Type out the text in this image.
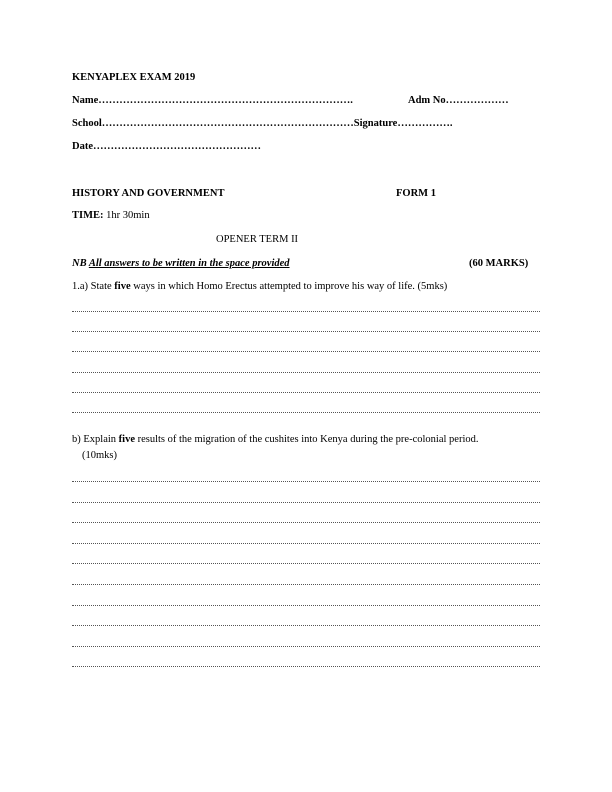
KENYAPLEX EXAM 2019
Name……………………………………………………………….	Adm No………………
School………………………………………………………………Signature…………….
Date…………………………………………
HISTORY AND GOVERNMENT	FORM 1
TIME: 1hr 30min
OPENER TERM II
NB All answers to be written in the space provided	(60 MARKS)
1.a) State five ways in which Homo Erectus attempted to improve his way of life. (5mks)
b) Explain five results of the migration of the cushites into Kenya during the pre-colonial period.
(10mks)
